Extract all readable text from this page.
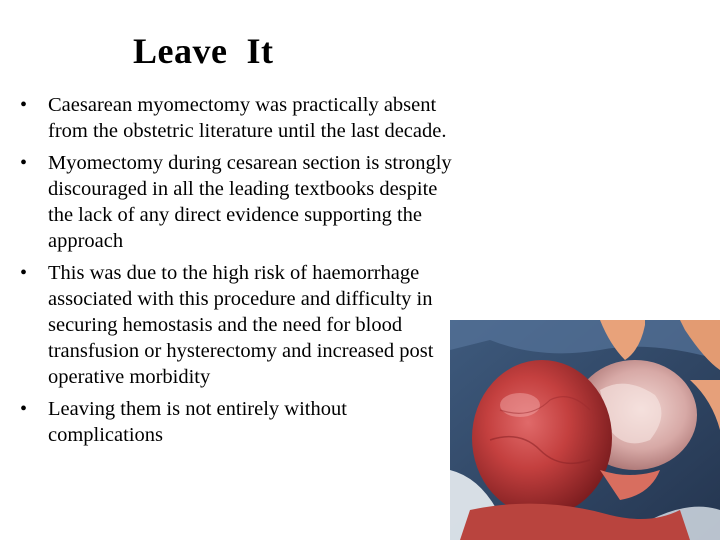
Leave  It
• Caesarean myomectomy was practically absent from the obstetric literature until the last decade.
• Myomectomy during cesarean section is strongly discouraged in all the leading textbooks despite the lack of any direct evidence supporting the approach
• This was due to the high risk of haemorrhage associated with this procedure and difficulty in securing hemostasis and the need for blood transfusion or hysterectomy and increased post operative morbidity
• Leaving them is not entirely without complications
